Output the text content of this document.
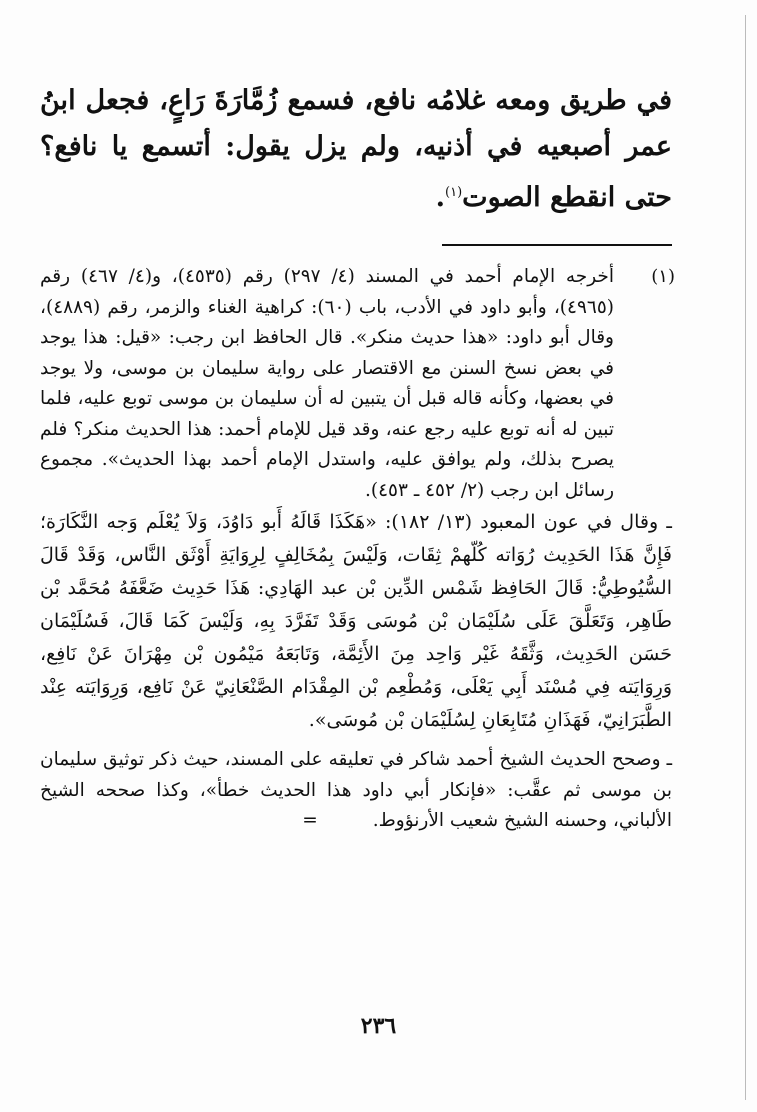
في طريق ومعه غلامُه نافع، فسمع زُمَّارَةَ رَاعٍ، فجعل ابنُ عمر أصبعيه في أذنيه، ولم يزل يقول: أتسمع يا نافع؟ حتى انقطع الصوت$^{(١)}$.
(١)

أخرجه الإمام أحمد في المسند (٤/ ٢٩٧) رقم (٤٥٣٥)، و(٤/ ٤٦٧) رقم (٤٩٦٥)، وأبو داود في الأدب، باب (٦٠): كراهية الغناء والزمر، رقم (٤٨٨٩)، وقال أبو داود: «هذا حديث منكر». قال الحافظ ابن رجب: «قيل: هذا يوجد في بعض نسخ السنن مع الاقتصار على رواية سليمان بن موسى، ولا يوجد في بعضها، وكأنه قاله قبل أن يتبين له أن سليمان بن موسى توبع عليه، فلما تبين له أنه توبع عليه رجع عنه، وقد قيل للإمام أحمد: هذا الحديث منكر؟ فلم يصرح بذلك، ولم يوافق عليه، واستدل الإمام أحمد بهذا الحديث». مجموع رسائل ابن رجب (٢/ ٤٥٢ ـ ٤٥٣).

ـ وقال في عون المعبود (١٣/ ١٨٢): «هَكَذَا قَالَهُ أَبو دَاوُدَ، وَلاَ يُعْلَم وَجه النَّكَارَة؛ فَإِنَّ هَذَا الحَدِيث رُوَاته كُلّهمْ ثِقَات، وَلَيْسَ بِمُخَالِفٍ لِرِوَايَةِ أَوْثَق النَّاس، وَقَدْ قَالَ السُّيُوطِيُّ: قَالَ الحَافِظ شَمْس الدِّين بْن عبد الهَادِي: هَذَا حَدِيث ضَعَّفَهُ مُحَمَّد بْن طَاهِر، وَتَعَلَّقَ عَلَى سُلَيْمَان بْن مُوسَى وَقَدْ تَفَرَّدَ بِهِ، وَلَيْسَ كَمَا قَالَ، فَسُلَيْمَان حَسَن الحَدِيث، وَثَّقَهُ غَيْر وَاحِد مِنَ الأَئِمَّة، وَتَابَعَهُ مَيْمُون بْن مِهْرَانَ عَنْ نَافِع، وَرِوَايَته فِي مُسْنَد أَبِي يَعْلَى، وَمُطْعِم بْن المِقْدَام الصَّنْعَانِيّ عَنْ نَافِع، وَرِوَايَته عِنْد الطَّبَرَانِيّ، فَهَذَانِ مُتَابِعَانِ لِسُلَيْمَان بْن مُوسَى».

ـ وصحح الحديث الشيخ أحمد شاكر في تعليقه على المسند، حيث ذكر توثيق سليمان بن موسى ثم عقَّب: «فإنكار أبي داود هذا الحديث خطأ»، وكذا صححه الشيخ الألباني، وحسنه الشيخ شعيب الأرنؤوط.=

٢٣٦
